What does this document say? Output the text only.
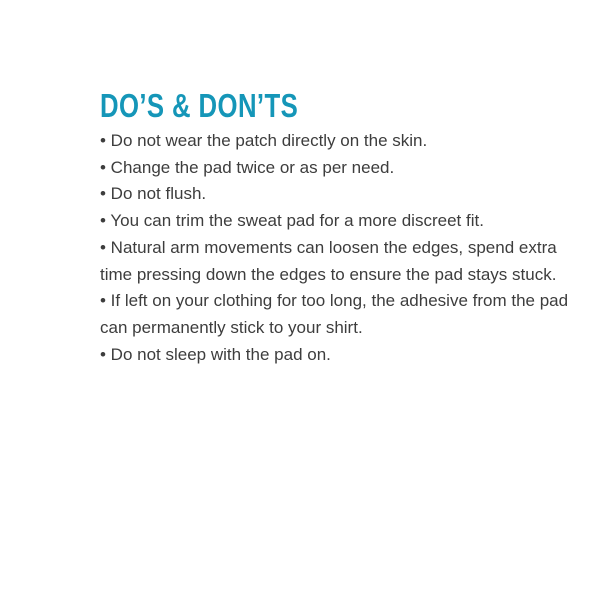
DO’S & DON’TS

• Do not wear the patch directly on the skin.

• Change the pad twice or as per need.

• Do not flush.

• You can trim the sweat pad for a more discreet fit.

• Natural arm movements can loosen the edges, spend extra time pressing down the edges to ensure the pad stays stuck.

• If left on your clothing for too long, the adhesive from the pad can permanently stick to your shirt.

• Do not sleep with the pad on.
